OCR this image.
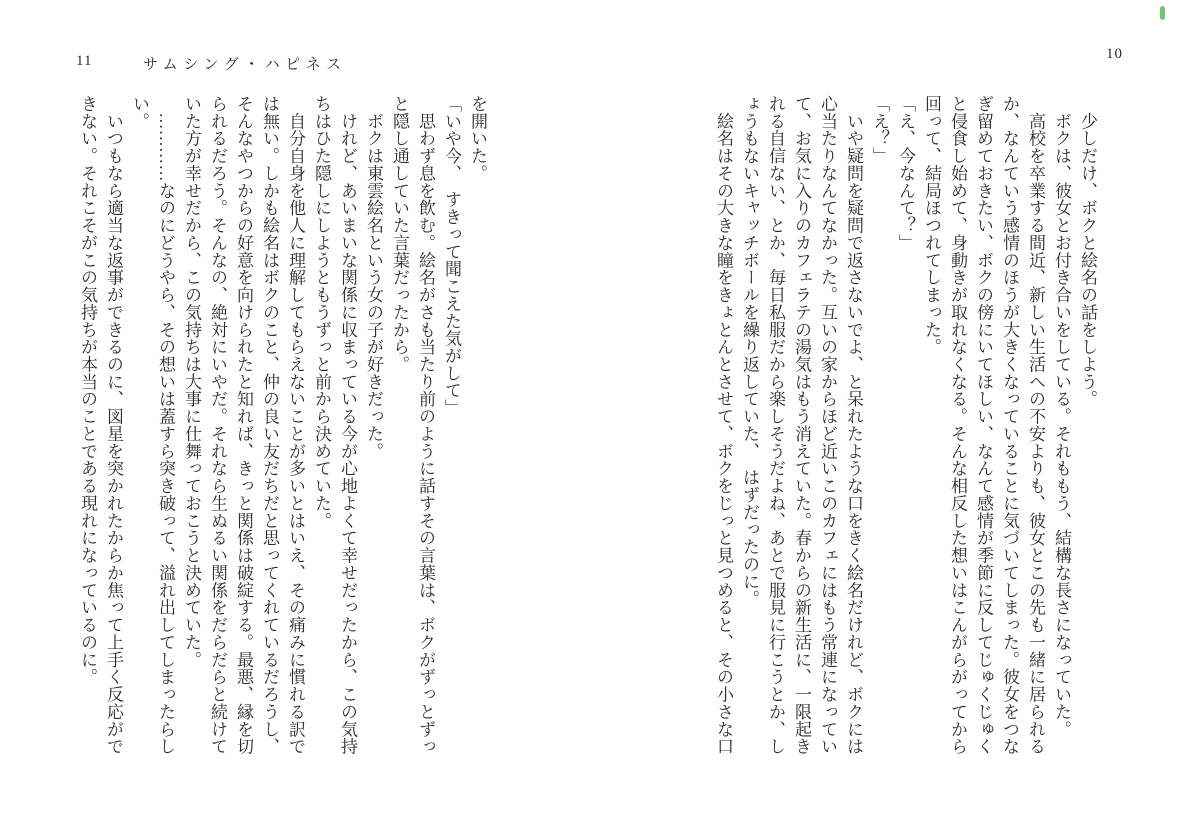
11	サムシング・ハピネス
10
　少しだけ、ボクと絵名の話をしよう。
　ボクは、彼女とお付き合いをしている。それももう、結構な長さになっていた。
　高校を卒業する間近、新しい生活への不安よりも、彼女とこの先も一緒に居られる
か、なんていう感情のほうが大きくなっていることに気づいてしまった。彼女をつな
ぎ留めておきたい、ボクの傍にいてほしい、なんて感情が季節に反してじゅくじゅく
と侵食し始めて、身動きが取れなくなる。そんな相反した想いはこんがらがってから
回って、結局ほつれてしまった。
「え、今なんて？」
「え？」
　いや疑問を疑問で返さないでよ、と呆れたような口をきく絵名だけれど、ボクには
心当たりなんてなかった。互いの家からほど近いこのカフェにはもう常連になってい
て、お気に入りのカフェラテの湯気はもう消えていた。春からの新生活に、一限起き
れる自信ない、とか、毎日私服だから楽しそうだよね、あとで服見に行こうとか、し
ょうもないキャッチボールを繰り返していた、　はずだったのに。
　絵名はその大きな瞳をきょとんとさせて、ボクをじっと見つめると、その小さな口
を開いた。
「いや今、　すきって聞こえた気がして」
　思わず息を飲む。絵名がさも当たり前のように話すその言葉は、ボクがずっとずっ
と隠し通していた言葉だったから。
　ボクは東雲絵名という女の子が好きだった。
　けれど、あいまいな関係に収まっている今が心地よくて幸せだったから、この気持
ちはひた隠しにしようともうずっと前から決めていた。
　自分自身を他人に理解してもらえないことが多いとはいえ、その痛みに慣れる訳で
は無い。しかも絵名はボクのこと、仲の良い友だちだと思ってくれているだろうし、
そんなやつからの好意を向けられたと知れば、きっと関係は破綻する。最悪、縁を切
られるだろう。そんなの、絶対にいやだ。それなら生ぬるい関係をだらだらと続けて
いた方が幸せだから、この気持ちは大事に仕舞っておこうと決めていた。
　…………なのにどうやら、その想いは蓋すら突き破って、溢れ出してしまったらし
い。
　いつもなら適当な返事ができるのに、図星を突かれたからか焦って上手く反応がで
きない。それこそがこの気持ちが本当のことである現れになっているのに。
